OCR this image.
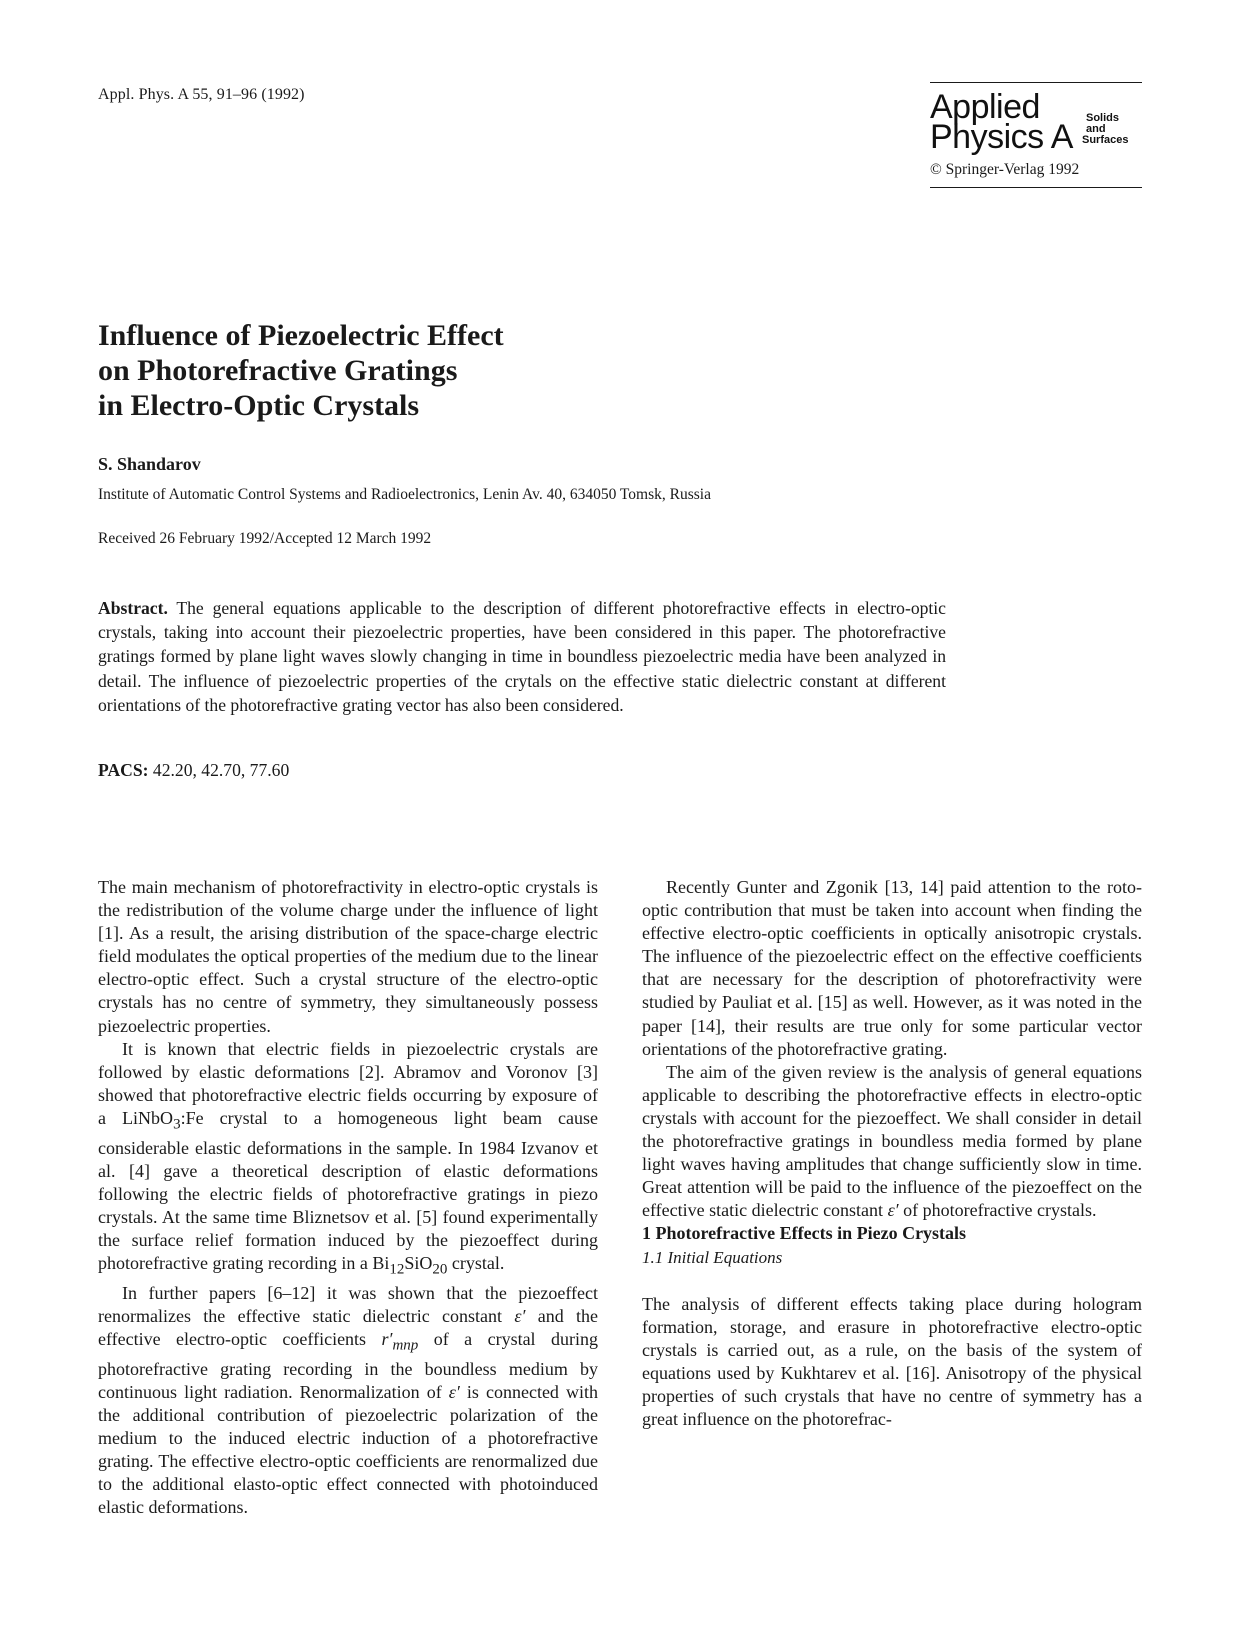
Appl. Phys. A 55, 91–96 (1992)	Applied
Physics A Solids
and
Surfaces
© Springer-Verlag 1992
Influence of Piezoelectric Effect
on Photorefractive Gratings
in Electro-Optic Crystals
S. Shandarov
Institute of Automatic Control Systems and Radioelectronics, Lenin Av. 40, 634050 Tomsk, Russia
Received 26 February 1992/Accepted 12 March 1992
Abstract. The general equations applicable to the description of different photorefractive effects in electro-optic crystals, taking into account their piezoelectric properties, have been considered in this paper. The photorefractive gratings formed by plane light waves slowly changing in time in boundless piezoelectric media have been analyzed in detail. The influence of piezoelectric properties of the crytals on the effective static dielectric constant at different orientations of the photorefractive grating vector has also been considered.
PACS: 42.20, 42.70, 77.60

The main mechanism of photorefractivity in electro-optic crystals is the redistribution of the volume charge under the influence of light [1]. As a result, the arising distribution of the space-charge electric field modulates the optical properties of the medium due to the linear electro-optic effect. Such a crystal structure of the electro-optic crystals has no centre of symmetry, they simultaneously possess piezoelectric properties.

It is known that electric fields in piezoelectric crystals are followed by elastic deformations [2]. Abramov and Voronov [3] showed that photorefractive electric fields occurring by exposure of a LiNbO$_3$:Fe crystal to a homogeneous light beam cause considerable elastic deformations in the sample. In 1984 Izvanov et al. [4] gave a theoretical description of elastic deformations following the electric fields of photorefractive gratings in piezo crystals. At the same time Bliznetsov et al. [5] found experimentally the surface relief formation induced by the piezoeffect during photorefractive grating recording in a $Bi_{12}SiO_{20}$ crystal.

In further papers [6–12] it was shown that the piezoeffect renormalizes the effective static dielectric constant ε′ and the effective electro-optic coefficients $r'_{mnp}$ of a crystal during photorefractive grating recording in the boundless medium by continuous light radiation. Renormalization of ε′ is connected with the additional contribution of piezoelectric polarization of the medium to the induced electric induction of a photorefractive grating. The effective electro-optic coefficients are renormalized due to the additional elasto-optic effect connected with photoinduced elastic deformations.

Recently Gunter and Zgonik [13, 14] paid attention to the roto-optic contribution that must be taken into account when finding the effective electro-optic coefficients in optically anisotropic crystals. The influence of the piezoelectric effect on the effective coefficients that are necessary for the description of photorefractivity were studied by Pauliat et al. [15] as well. However, as it was noted in the paper [14], their results are true only for some particular vector orientations of the photorefractive grating.

The aim of the given review is the analysis of general equations applicable to describing the photorefractive effects in electro-optic crystals with account for the piezoeffect. We shall consider in detail the photorefractive gratings in boundless media formed by plane light waves having amplitudes that change sufficiently slow in time. Great attention will be paid to the influence of the piezoeffect on the effective static dielectric constant ε′ of photorefractive crystals.

1 Photorefractive Effects in Piezo Crystals

1.1 Initial Equations

The analysis of different effects taking place during hologram formation, storage, and erasure in photorefractive electro-optic crystals is carried out, as a rule, on the basis of the system of equations used by Kukhtarev et al. [16]. Anisotropy of the physical properties of such crystals that have no centre of symmetry has a great influence on the photorefrac-
